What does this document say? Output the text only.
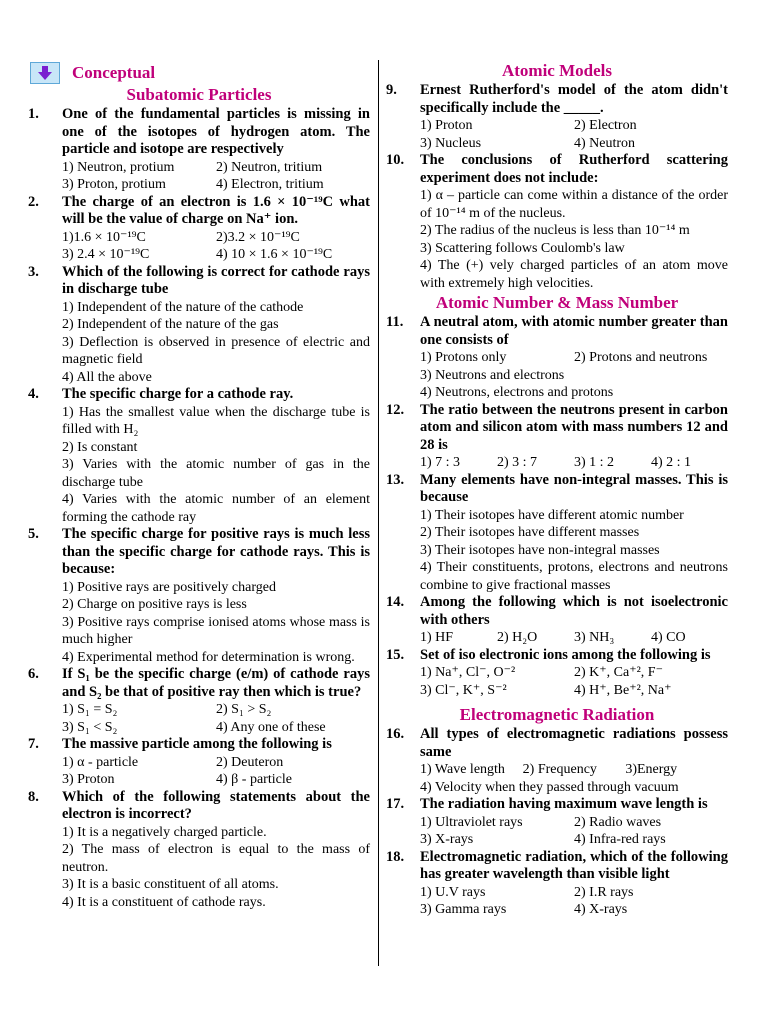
Conceptual
Subatomic Particles
1.	One of the fundamental particles is missing in one of the isotopes of hydrogen atom. The particle and isotope are respectively
1) Neutron, protium	2) Neutron, tritium
3) Proton, protium	4) Electron, tritium
2.	The charge of an electron is 1.6 × 10⁻¹⁹C what will be the value of charge on Na⁺ ion.
1)1.6 × 10⁻¹⁹C	2)3.2 × 10⁻¹⁹C
3) 2.4 × 10⁻¹⁹C	4) 10 × 1.6 × 10⁻¹⁹C
3.	Which of the following is correct for cathode rays in discharge tube
1) Independent of the nature of the cathode
2) Independent of the nature of the gas
3) Deflection is observed in presence of electric and magnetic field
4) All the above
4.	The specific charge for a cathode ray.
1) Has the smallest value when the discharge tube is filled with H₂
2) Is constant
3) Varies with the atomic number of gas in the discharge tube
4) Varies with the atomic number of an element forming the cathode ray
5.	The specific charge for positive rays is much less than the specific charge for cathode rays. This is because:
1) Positive rays are positively charged
2) Charge on positive rays is less
3) Positive rays comprise ionised atoms whose mass is much higher
4) Experimental method for determination is wrong.
6.	If S₁ be the specific charge (e/m) of cathode rays and S₂ be that of positive ray then which is true?
1) S₁ = S₂	2) S₁ > S₂
3) S₁ < S₂	4) Any one of these
7.	The massive particle among the following is
1) α - particle	2) Deuteron
3) Proton	4) β - particle
8.	Which of the following statements about the electron is incorrect?
1) It is a negatively charged particle.
2) The mass of electron is equal to the mass of neutron.
3) It is a basic constituent of all atoms.
4) It is a constituent of cathode rays.
Atomic Models
9.	Ernest Rutherford's model of the atom didn't specifically include the _____.
1) Proton	2) Electron
3) Nucleus	4) Neutron
10.	The conclusions of Rutherford scattering experiment does not include:
1) α – particle can come within a distance of the order of 10⁻¹⁴ m of the nucleus.
2) The radius of the nucleus is less than 10⁻¹⁴ m
3) Scattering follows Coulomb's law
4) The (+) vely charged particles of an atom move with extremely high velocities.
Atomic Number & Mass Number
11.	A neutral atom, with atomic number greater than one consists of
1) Protons only	2) Protons and neutrons
3) Neutrons and electrons
4) Neutrons, electrons and protons
12.	The ratio between the neutrons present in carbon atom and silicon atom with mass numbers 12 and 28 is
1) 7 : 3	2) 3 : 7	3) 1 : 2	4) 2 : 1
13.	Many elements have non-integral masses. This is because
1) Their isotopes have different atomic number
2) Their isotopes have different masses
3) Their isotopes have non-integral masses
4) Their constituents, protons, electrons and neutrons combine to give fractional masses
14.	Among the following which is not isoelectronic with others
1) HF	2) H₂O	3) NH₃	4) CO
15.	Set of iso electronic ions among the following is
1) Na⁺, Cl⁻, O⁻²	2) K⁺, Ca⁺², F⁻
3) Cl⁻, K⁺, S⁻²	4) H⁺, Be⁺², Na⁺
Electromagnetic Radiation
16.	All types of electromagnetic radiations possess same
1) Wave length	2) Frequency	3)Energy
4) Velocity when they passed through vacuum
17.	The radiation having maximum wave length is
1) Ultraviolet rays	2) Radio waves
3) X-rays	4) Infra-red rays
18.	Electromagnetic radiation, which of the following has greater wavelength than visible light
1) U.V rays	2) I.R rays
3) Gamma rays	4) X-rays
